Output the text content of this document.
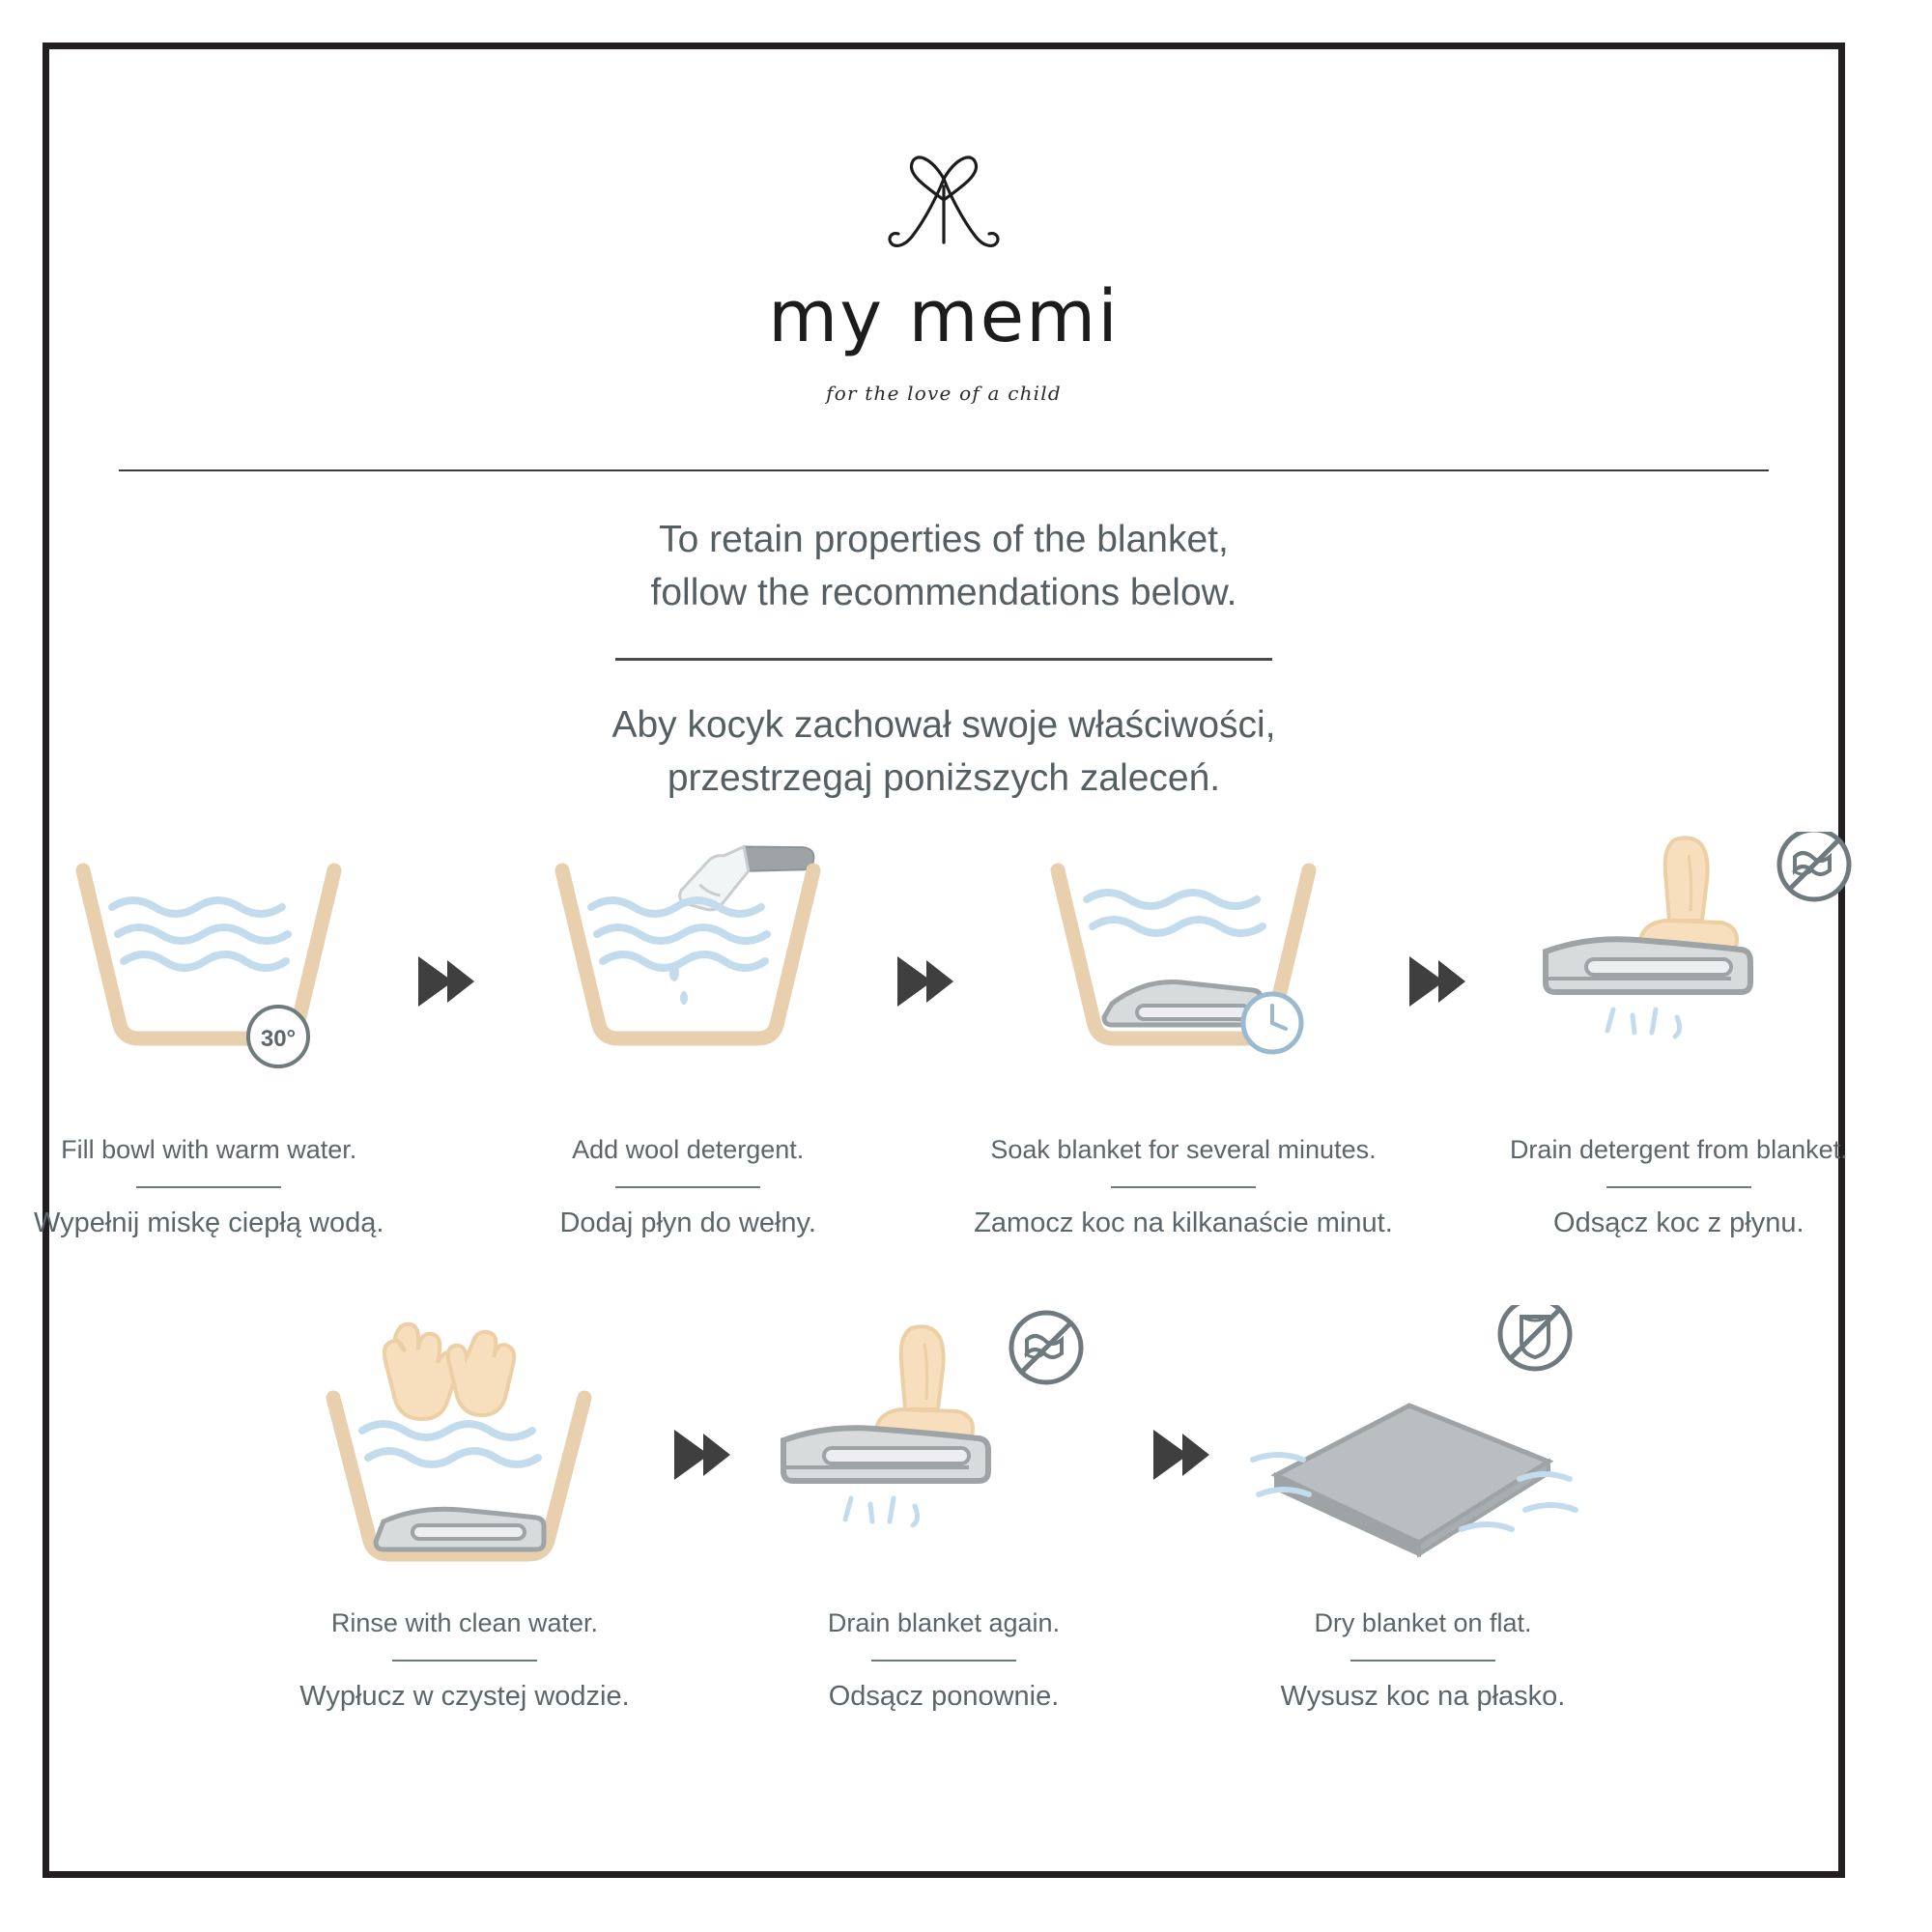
my memi
for the love of a child
To retain properties of the blanket,
follow the recommendations below.
Aby kocyk zachował swoje właściwości,
przestrzegaj poniższych zaleceń.
30°
Fill bowl with warm water.
Wypełnij miskę ciepłą wodą.
Add wool detergent.
Dodaj płyn do wełny.
Soak blanket for several minutes.
Zamocz koc na kilkanaście minut.
Drain detergent from blanket.
Odsącz koc z płynu.
Rinse with clean water.
Wypłucz w czystej wodzie.
Drain blanket again.
Odsącz ponownie.
Dry blanket on flat.
Wysusz koc na płasko.
